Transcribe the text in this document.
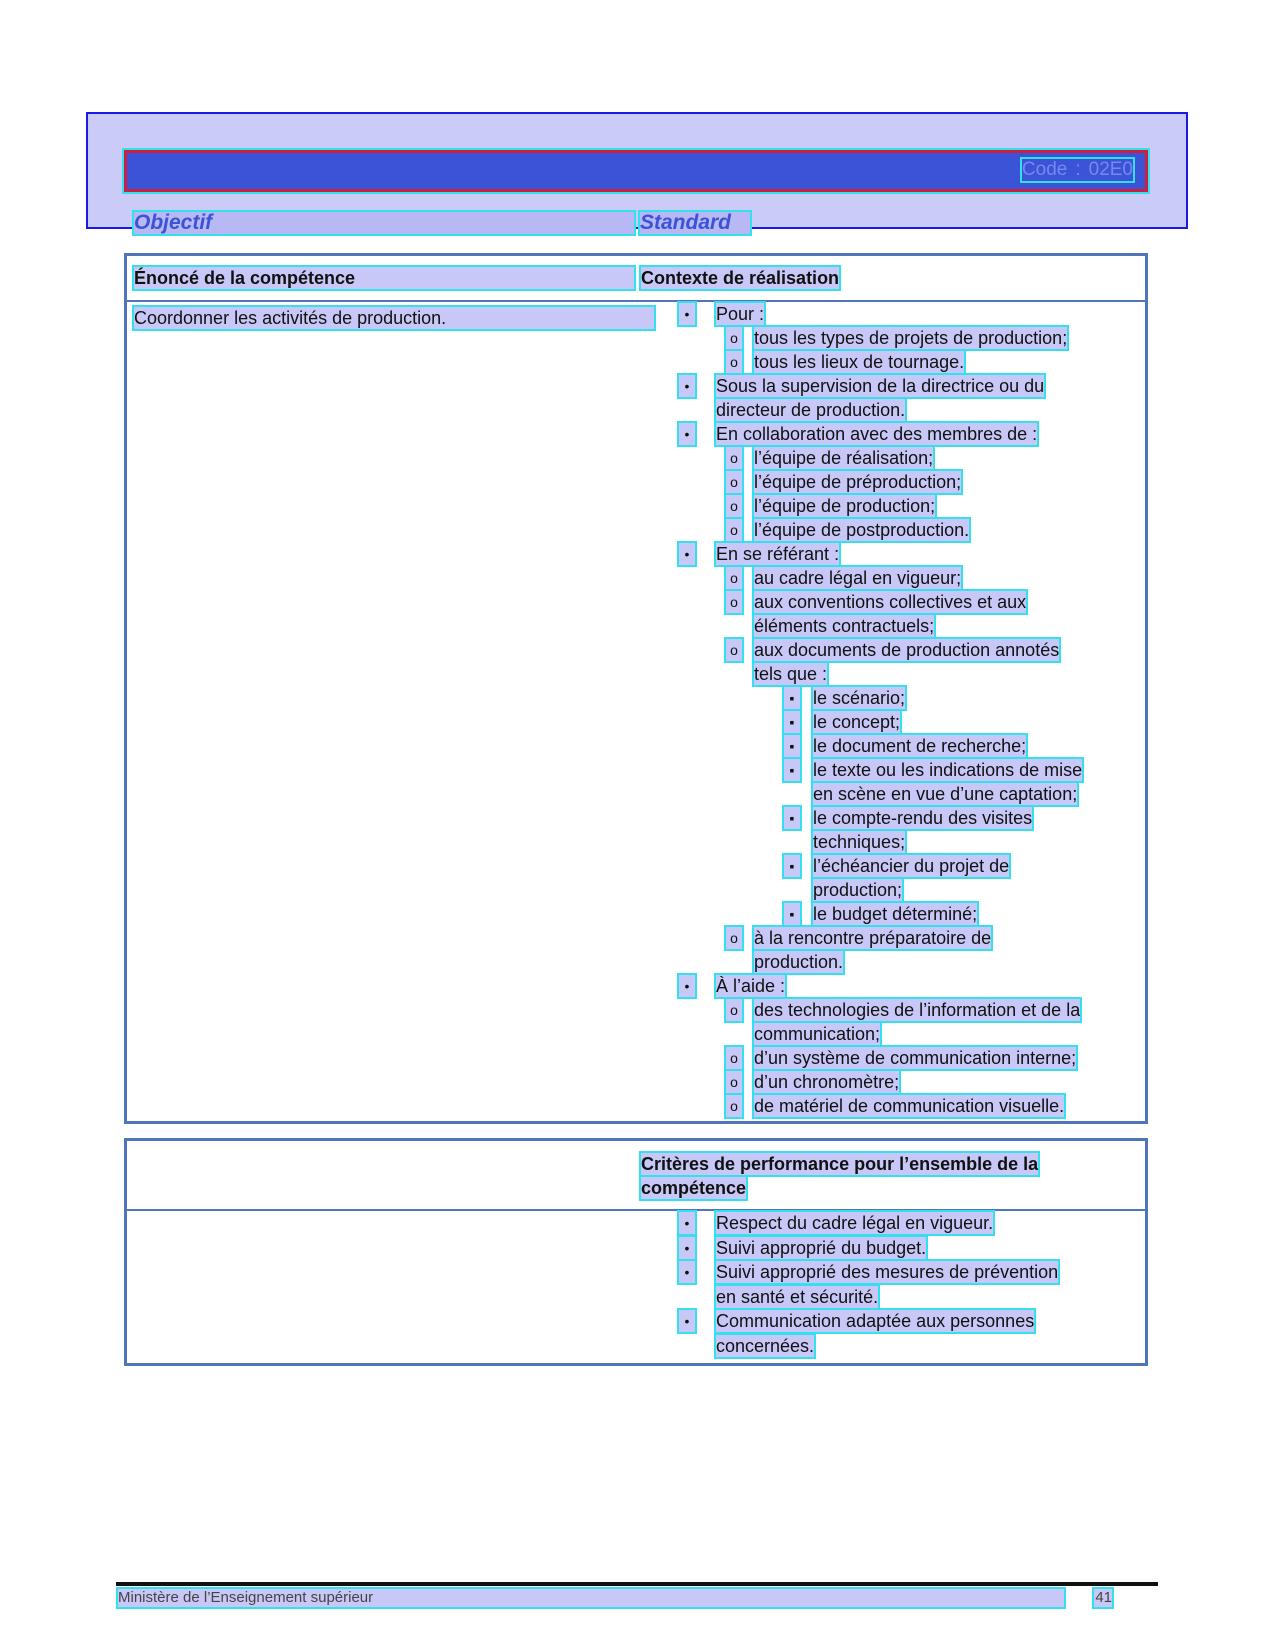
Code : 02E0
Objectif	Standard
Énoncé de la compétence	Contexte de réalisation
Coordonner les activités de production.	•	Pour :
o tous les types de projets de production;
o tous les lieux de tournage.
•	Sous la supervision de la directrice ou du
directeur de production.
•	En collaboration avec des membres de :
o l’équipe de réalisation;
o l’équipe de préproduction;
o l’équipe de production;
o l’équipe de postproduction.
•	En se référant :
o au cadre légal en vigueur;
o aux conventions collectives et aux
éléments contractuels;
o aux documents de production annotés
tels que :
▪	le scénario;
▪	le concept;
▪	le document de recherche;
▪	le texte ou les indications de mise
en scène en vue d’une captation;
▪	le compte-rendu des visites
techniques;
▪	l’échéancier du projet de
production;
▪	le budget déterminé;
o à la rencontre préparatoire de
production.
•	À l’aide :
o des technologies de l’information et de la
communication;
o d’un système de communication interne;
o d’un chronomètre;
o de matériel de communication visuelle.
Critères de performance pour l’ensemble de la
compétence
•	Respect du cadre légal en vigueur.
•	Suivi approprié du budget.
•	Suivi approprié des mesures de prévention
en santé et sécurité.
•	Communication adaptée aux personnes
concernées.
Ministère de l’Enseignement supérieur	41
